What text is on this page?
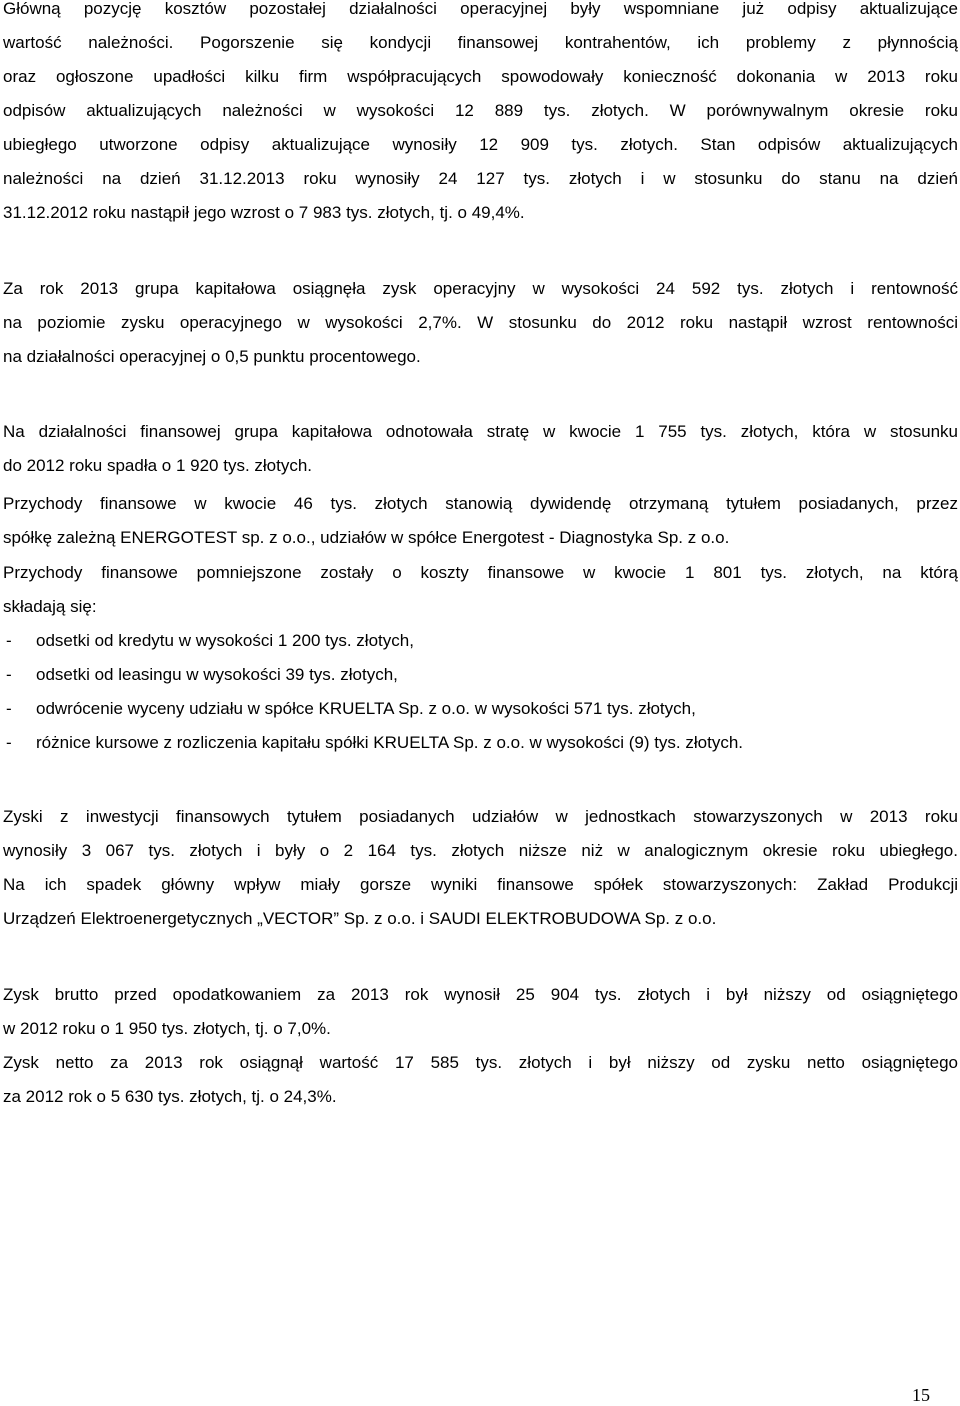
Główną pozycję kosztów pozostałej działalności operacyjnej były wspomniane już odpisy aktualizujące
wartość należności. Pogorszenie się kondycji finansowej kontrahentów, ich problemy z płynnością
oraz ogłoszone upadłości kilku firm współpracujących spowodowały konieczność dokonania w 2013 roku
odpisów aktualizujących należności w wysokości 12 889 tys. złotych. W porównywalnym okresie roku
ubiegłego utworzone odpisy aktualizujące wynosiły 12 909 tys. złotych. Stan odpisów aktualizujących
należności na dzień 31.12.2013 roku wynosiły 24 127 tys. złotych i w stosunku do stanu na dzień
31.12.2012 roku nastąpił jego wzrost o 7 983 tys. złotych, tj. o 49,4%.
Za rok 2013 grupa kapitałowa osiągnęła zysk operacyjny w wysokości 24 592 tys. złotych i rentowność
na poziomie zysku operacyjnego w wysokości 2,7%. W stosunku do 2012 roku nastąpił wzrost rentowności
na działalności operacyjnej o 0,5 punktu procentowego.
Na działalności finansowej grupa kapitałowa odnotowała stratę w kwocie 1 755 tys. złotych, która w stosunku
do 2012 roku spadła o 1 920 tys. złotych.
Przychody finansowe w kwocie 46 tys. złotych stanowią dywidendę otrzymaną tytułem posiadanych, przez
spółkę zależną ENERGOTEST sp. z o.o., udziałów w spółce Energotest - Diagnostyka Sp. z o.o.
Przychody finansowe pomniejszone zostały o koszty finansowe w kwocie 1 801 tys. złotych, na którą
składają się:
- odsetki od kredytu w wysokości 1 200 tys. złotych,
- odsetki od leasingu w wysokości 39 tys. złotych,
- odwrócenie wyceny udziału w spółce KRUELTA Sp. z o.o. w wysokości 571 tys. złotych,
- różnice kursowe z rozliczenia kapitału spółki KRUELTA Sp. z o.o. w wysokości (9) tys. złotych.
Zyski z inwestycji finansowych tytułem posiadanych udziałów w jednostkach stowarzyszonych w 2013 roku
wynosiły 3 067 tys. złotych i były o 2 164 tys. złotych niższe niż w analogicznym okresie roku ubiegłego.
Na ich spadek główny wpływ miały gorsze wyniki finansowe spółek stowarzyszonych: Zakład Produkcji
Urządzeń Elektroenergetycznych „VECTOR” Sp. z o.o. i SAUDI ELEKTROBUDOWA Sp. z o.o.
Zysk brutto przed opodatkowaniem za 2013 rok wynosił 25 904 tys. złotych i był niższy od osiągniętego
w 2012 roku o 1 950 tys. złotych, tj. o 7,0%.
Zysk netto za 2013 rok osiągnął wartość 17 585 tys. złotych i był niższy od zysku netto osiągniętego
za 2012 rok o 5 630 tys. złotych, tj. o 24,3%.
15
